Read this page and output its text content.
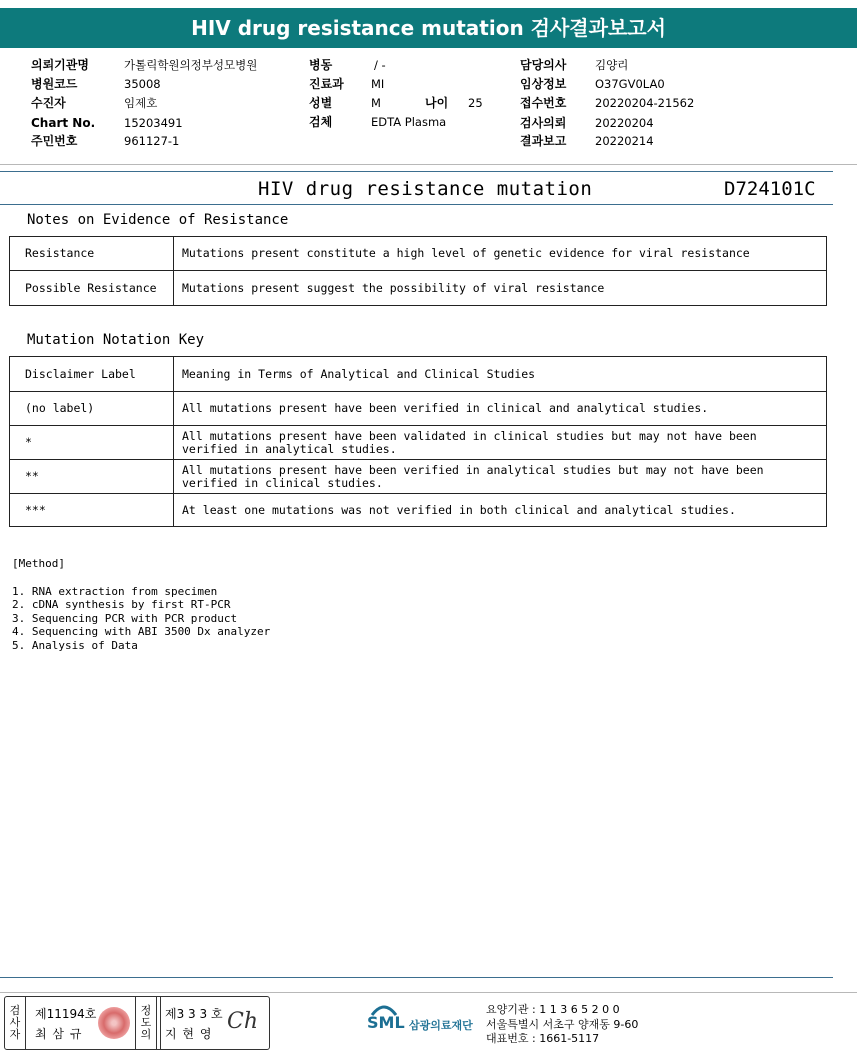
HIV drug resistance mutation 검사결과보고서
의뢰기관명	가톨릭학원의정부성모병원
병원코드	35008
수진자	임제호
Chart No.	15203491
주민번호	961127-1
병동	/ -
진료과 MI
성별	M	나이 25
검체	EDTA Plasma
담당의사 김양리
임상정보 O37GV0LA0
접수번호 20220204-21562
검사의뢰 20220204
결과보고 20220214
HIV drug resistance mutation	D724101C
Notes on Evidence of Resistance
Resistance	Mutations present constitute a high level of genetic evidence for viral resistance
Possible Resistance	Mutations present suggest the possibility of viral resistance
Mutation Notation Key
Disclaimer Label	Meaning in Terms of Analytical and Clinical Studies
(no label)	All mutations present have been verified in clinical and analytical studies.
*	All mutations present have been validated in clinical studies but may not have been verified in analytical studies.
**	All mutations present have been verified in analytical studies but may not have been verified in clinical studies.
***	At least one mutations was not verified in both clinical and analytical studies.
[Method]
1. RNA extraction from specimen
2. cDNA synthesis by first RT-PCR
3. Sequencing PCR with PCR product
4. Sequencing with ABI 3500 Dx analyzer
5. Analysis of Data
검사자
제11194호
최 삼 규
정도의
제3 3 3 호
지 현 영 Ch	SML 삼광의료재단
요양기관 : 1 1 3 6 5 2 0 0
서울특별시 서초구 양재동 9-60
대표번호 : 1661-5117
